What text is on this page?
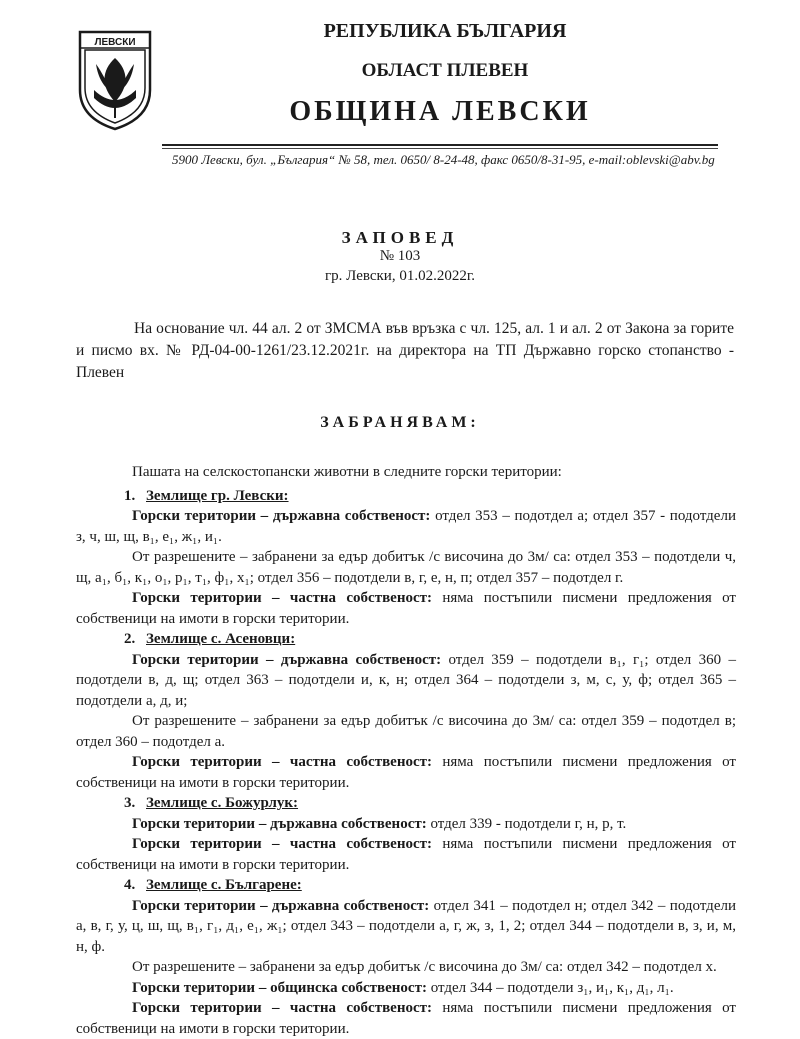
ЛЕВСКИ
РЕПУБЛИКА БЪЛГАРИЯ
ОБЛАСТ ПЛЕВЕН
ОБЩИНА ЛЕВСКИ
5900 Левски, бул. „България“ № 58, тел. 0650/ 8-24-48, факс 0650/8-31-95, e-mail:oblevski@abv.bg
ЗАПОВЕД
№ 103
гр. Левски, 01.02.2022г.
На основание чл. 44 ал. 2 от ЗМСМА във връзка с чл. 125, ал. 1 и ал. 2 от Закона за горите и писмо вх. № РД-04-00-1261/23.12.2021г. на директора на ТП Държавно горско стопанство - Плевен
ЗАБРАНЯВАМ:

Пашата на селскостопански животни в следните горски територии:

1. Землище гр. Левски:

Горски територии – държавна собственост: отдел 353 – подотдел а; отдел 357 - подотдели з, ч, ш, щ, в₁, е₁, ж₁, и₁.

От разрешените – забранени за едър добитък /с височина до 3м/ са: отдел 353 – подотдели ч, щ, а₁, б₁, к₁, о₁, р₁, т₁, ф₁, х₁; отдел 356 – подотдели в, г, е, н, п; отдел 357 – подотдел г.

Горски територии – частна собственост: няма постъпили писмени предложения от собственици на имоти в горски територии.

2. Землище с. Асеновци:

Горски територии – държавна собственост: отдел 359 – подотдели в₁, г₁; отдел 360 – подотдели в, д, щ; отдел 363 – подотдели и, к, н; отдел 364 – подотдели з, м, с, у, ф; отдел 365 – подотдели а, д, и;

От разрешените – забранени за едър добитък /с височина до 3м/ са: отдел 359 – подотдел в; отдел 360 – подотдел а.

Горски територии – частна собственост: няма постъпили писмени предложения от собственици на имоти в горски територии.

3. Землище с. Божурлук:

Горски територии – държавна собственост: отдел 339 - подотдели г, н, р, т.

Горски територии – частна собственост: няма постъпили писмени предложения от собственици на имоти в горски територии.

4. Землище с. Българене:

Горски територии – държавна собственост: отдел 341 – подотдел н; отдел 342 – подотдели а, в, г, у, ц, ш, щ, в₁, г₁, д₁, е₁, ж₁; отдел 343 – подотдели а, г, ж, з, 1, 2; отдел 344 – подотдели в, з, и, м, н, ф.

От разрешените – забранени за едър добитък /с височина до 3м/ са: отдел 342 – подотдел х.

Горски територии – общинска собственост: отдел 344 – подотдели з₁, и₁, к₁, д₁, л₁.

Горски територии – частна собственост: няма постъпили писмени предложения от собственици на имоти в горски територии.
